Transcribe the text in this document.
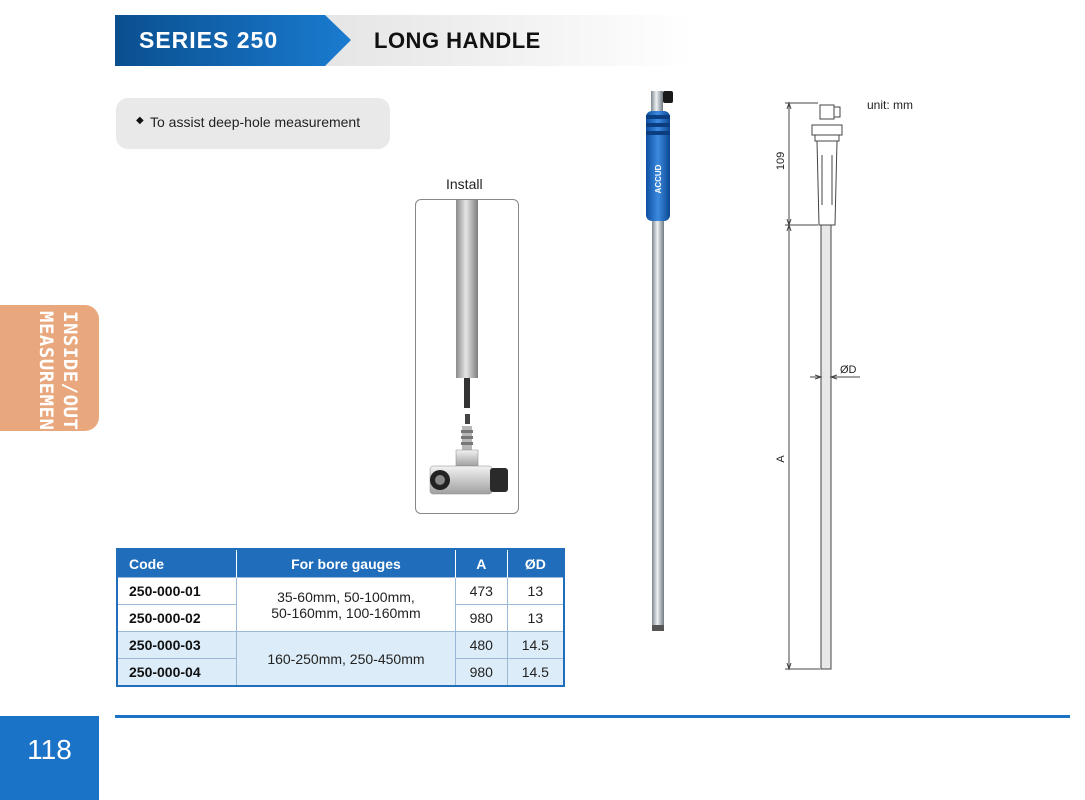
SERIES 250	LONG HANDLE
◆ To assist deep-hole measurement
INSIDE/OUTSIDE MEASUREMENT
Install	ACCUD
unit: mm
109
A
ØD
Code	For bore gauges	A	ØD
250-000-01	35-60mm, 50-100mm,
50-160mm, 100-160mm	473	13
250-000-02		980	13
250-000-03	160-250mm, 250-450mm	480	14.5
250-000-04		980	14.5
118
